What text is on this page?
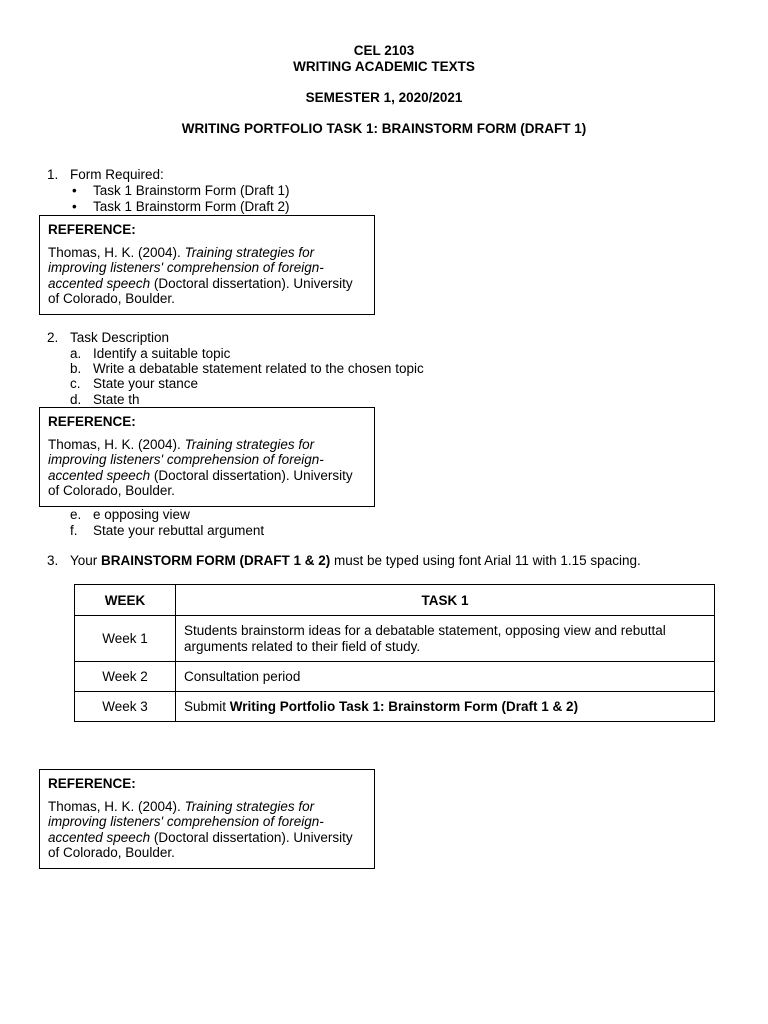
CEL 2103
WRITING ACADEMIC TEXTS
SEMESTER 1, 2020/2021
WRITING PORTFOLIO TASK 1: BRAINSTORM FORM (DRAFT 1)
1. Form Required:
• Task 1 Brainstorm Form (Draft 1)
• Task 1 Brainstorm Form (Draft 2)
REFERENCE:
Thomas, H. K. (2004). Training strategies for improving listeners' comprehension of foreign-accented speech (Doctoral dissertation). University of Colorado, Boulder.
2. Task Description
a. Identify a suitable topic
b. Write a debatable statement related to the chosen topic
c. State your stance
d. State th
REFERENCE:
Thomas, H. K. (2004). Training strategies for improving listeners' comprehension of foreign-accented speech (Doctoral dissertation). University of Colorado, Boulder.
e. e opposing view
f. State your rebuttal argument
3. Your BRAINSTORM FORM (DRAFT 1 & 2) must be typed using font Arial 11 with 1.15 spacing.
WEEK	TASK 1
Week 1	Students brainstorm ideas for a debatable statement, opposing view and rebuttal arguments related to their field of study.
Week 2	Consultation period
Week 3	Submit Writing Portfolio Task 1: Brainstorm Form (Draft 1 & 2)
REFERENCE:
Thomas, H. K. (2004). Training strategies for improving listeners' comprehension of foreign-accented speech (Doctoral dissertation). University of Colorado, Boulder.
